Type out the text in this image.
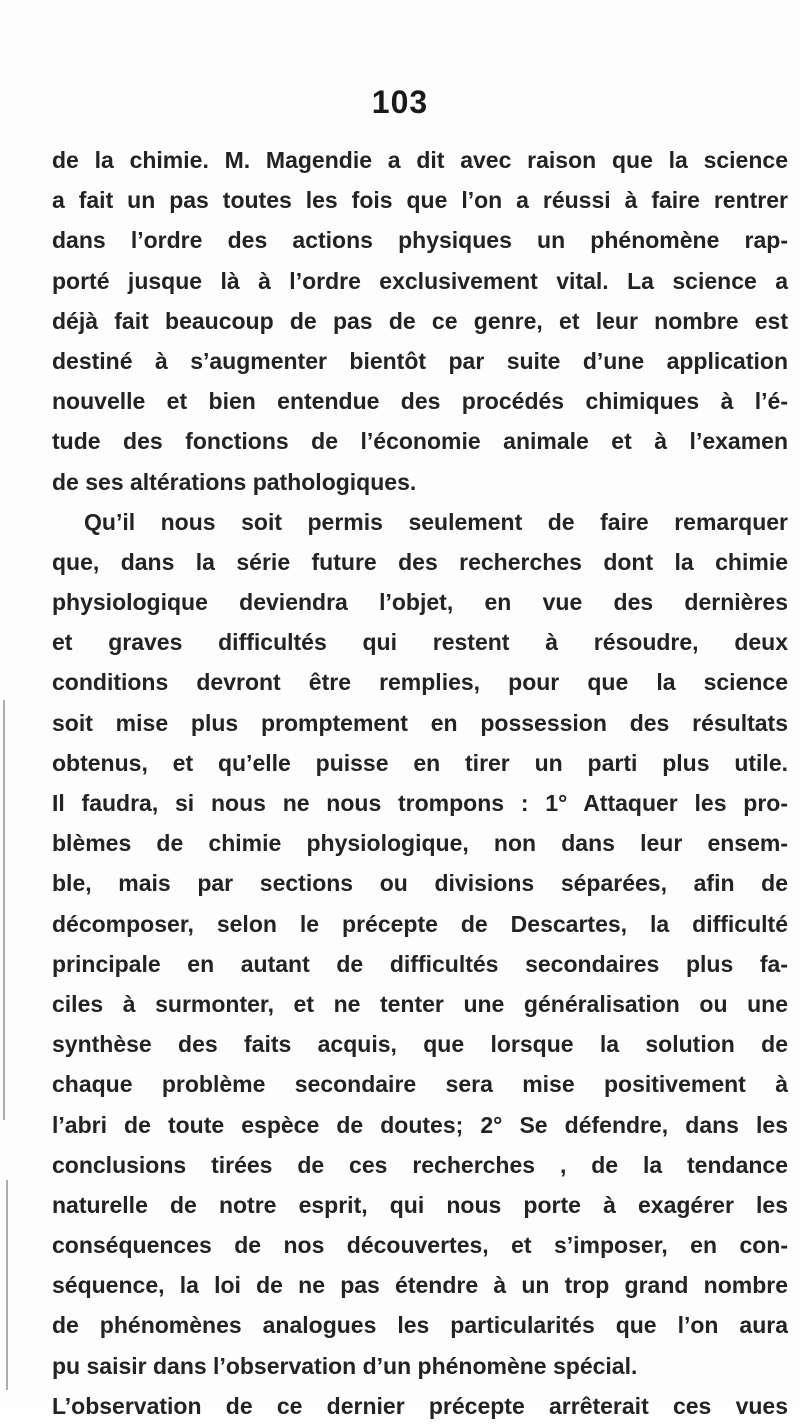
103
de la chimie. M. Magendie a dit avec raison que la science
a fait un pas toutes les fois que l’on a réussi à faire rentrer
dans l’ordre des actions physiques un phénomène rap-
porté jusque là à l’ordre exclusivement vital. La science a
déjà fait beaucoup de pas de ce genre, et leur nombre est
destiné à s’augmenter bientôt par suite d’une application
nouvelle et bien entendue des procédés chimiques à l’é-
tude des fonctions de l’économie animale et à l’examen
de ses altérations pathologiques.
Qu’il nous soit permis seulement de faire remarquer
que, dans la série future des recherches dont la chimie
physiologique deviendra l’objet, en vue des dernières
et graves difficultés qui restent à résoudre, deux
conditions devront être remplies, pour que la science
soit mise plus promptement en possession des résultats
obtenus, et qu’elle puisse en tirer un parti plus utile.
Il faudra, si nous ne nous trompons : 1° Attaquer les pro-
blèmes de chimie physiologique, non dans leur ensem-
ble, mais par sections ou divisions séparées, afin de
décomposer, selon le précepte de Descartes, la difficulté
principale en autant de difficultés secondaires plus fa-
ciles à surmonter, et ne tenter une généralisation ou une
synthèse des faits acquis, que lorsque la solution de
chaque problème secondaire sera mise positivement à
l’abri de toute espèce de doutes; 2° Se défendre, dans les
conclusions tirées de ces recherches , de la tendance
naturelle de notre esprit, qui nous porte à exagérer les
conséquences de nos découvertes, et s’imposer, en con-
séquence, la loi de ne pas étendre à un trop grand nombre
de phénomènes analogues les particularités que l’on aura
pu saisir dans l’observation d’un phénomène spécial.
L’observation de ce dernier précepte arrêterait ces vues
